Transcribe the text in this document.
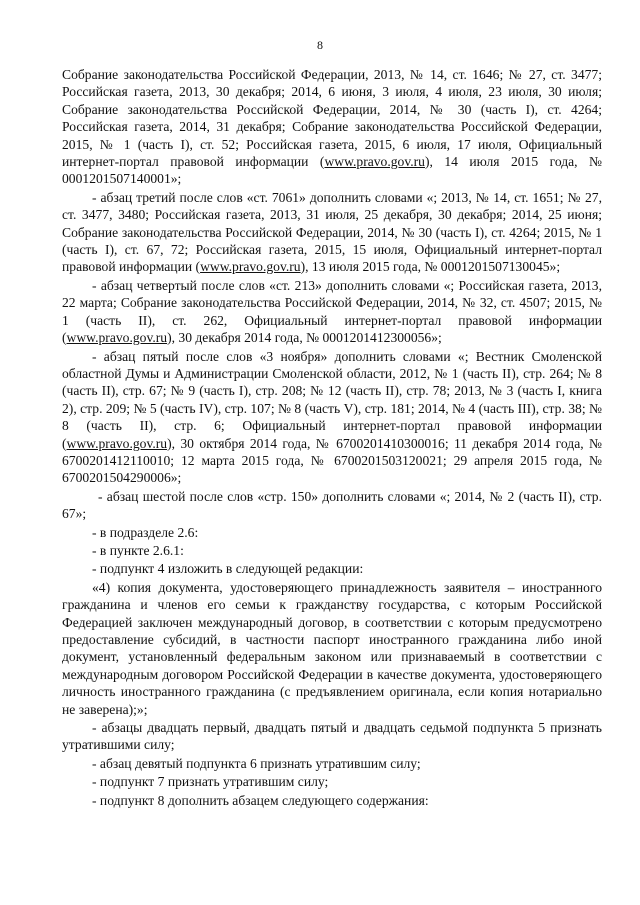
8

Собрание законодательства Российской Федерации, 2013, № 14, ст. 1646; № 27, ст. 3477; Российская газета, 2013, 30 декабря; 2014, 6 июня, 3 июля, 4 июля, 23 июля, 30 июля; Собрание законодательства Российской Федерации, 2014, № 30 (часть I), ст. 4264; Российская газета, 2014, 31 декабря; Собрание законодательства Российской Федерации, 2015, № 1 (часть I), ст. 52; Российская газета, 2015, 6 июля, 17 июля, Официальный интернет-портал правовой информации (www.pravo.gov.ru), 14 июля 2015 года, № 0001201507140001»;

- абзац третий после слов «ст. 7061» дополнить словами «; 2013, № 14, ст. 1651; № 27, ст. 3477, 3480; Российская газета, 2013, 31 июля, 25 декабря, 30 декабря; 2014, 25 июня; Собрание законодательства Российской Федерации, 2014, № 30 (часть I), ст. 4264; 2015, № 1 (часть I), ст. 67, 72; Российская газета, 2015, 15 июля, Официальный интернет-портал правовой информации (www.pravo.gov.ru), 13 июля 2015 года, № 0001201507130045»;

- абзац четвертый после слов «ст. 213» дополнить словами «; Российская газета, 2013, 22 марта; Собрание законодательства Российской Федерации, 2014, № 32, ст. 4507; 2015, № 1 (часть II), ст. 262, Официальный интернет-портал правовой информации (www.pravo.gov.ru), 30 декабря 2014 года, № 0001201412300056»;

- абзац пятый после слов «3 ноября» дополнить словами «; Вестник Смоленской областной Думы и Администрации Смоленской области, 2012, № 1 (часть II), стр. 264; № 8 (часть II), стр. 67; № 9 (часть I), стр. 208; № 12 (часть II), стр. 78; 2013, № 3 (часть I, книга 2), стр. 209; № 5 (часть IV), стр. 107; № 8 (часть V), стр. 181; 2014, № 4 (часть III), стр. 38; № 8 (часть II), стр. 6; Официальный интернет-портал правовой информации (www.pravo.gov.ru), 30 октября 2014 года, № 6700201410300016; 11 декабря 2014 года, № 6700201412110010; 12 марта 2015 года, № 6700201503120021; 29 апреля 2015 года, № 6700201504290006»;

- абзац шестой после слов «стр. 150» дополнить словами «; 2014, № 2 (часть II), стр. 67»;

- в подразделе 2.6:

- в пункте 2.6.1:

- подпункт 4 изложить в следующей редакции:

«4) копия документа, удостоверяющего принадлежность заявителя – иностранного гражданина и членов его семьи к гражданству государства, с которым Российской Федерацией заключен международный договор, в соответствии с которым предусмотрено предоставление субсидий, в частности паспорт иностранного гражданина либо иной документ, установленный федеральным законом или признаваемый в соответствии с международным договором Российской Федерации в качестве документа, удостоверяющего личность иностранного гражданина (с предъявлением оригинала, если копия нотариально не заверена);»;

- абзацы двадцать первый, двадцать пятый и двадцать седьмой подпункта 5 признать утратившими силу;

- абзац девятый подпункта 6 признать утратившим силу;

- подпункт 7 признать утратившим силу;

- подпункт 8 дополнить абзацем следующего содержания:
